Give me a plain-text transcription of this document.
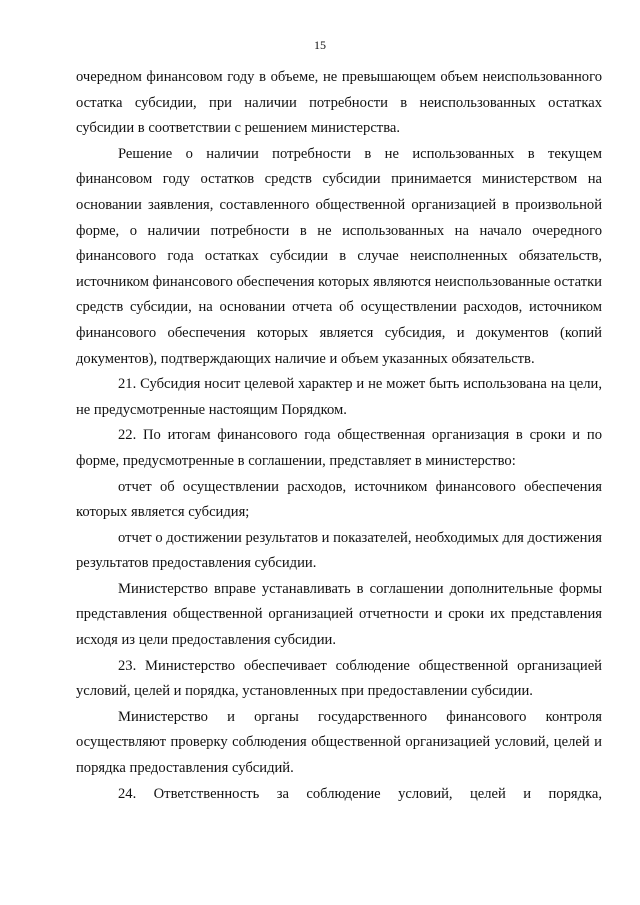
15

очередном финансовом году в объеме, не превышающем объем неиспользованного остатка субсидии, при наличии потребности в неиспользованных остатках субсидии в соответствии с решением министерства.

Решение о наличии потребности в не использованных в текущем финансовом году остатков средств субсидии принимается министерством на основании заявления, составленного общественной организацией в произвольной форме, о наличии потребности в не использованных на начало очередного финансового года остатках субсидии в случае неисполненных обязательств, источником финансового обеспечения которых являются неиспользованные остатки средств субсидии, на основании отчета об осуществлении расходов, источником финансового обеспечения которых является субсидия, и документов (копий документов), подтверждающих наличие и объем указанных обязательств.

21. Субсидия носит целевой характер и не может быть использована на цели, не предусмотренные настоящим Порядком.

22. По итогам финансового года общественная организация в сроки и по форме, предусмотренные в соглашении, представляет в министерство:

отчет об осуществлении расходов, источником финансового обеспечения которых является субсидия;

отчет о достижении результатов и показателей, необходимых для достижения результатов предоставления субсидии.

Министерство вправе устанавливать в соглашении дополнительные формы представления общественной организацией отчетности и сроки их представления исходя из цели предоставления субсидии.

23. Министерство обеспечивает соблюдение общественной организацией условий, целей и порядка, установленных при предоставлении субсидии.

Министерство и органы государственного финансового контроля осуществляют проверку соблюдения общественной организацией условий, целей и порядка предоставления субсидий.

24. Ответственность за соблюдение условий, целей и порядка,
